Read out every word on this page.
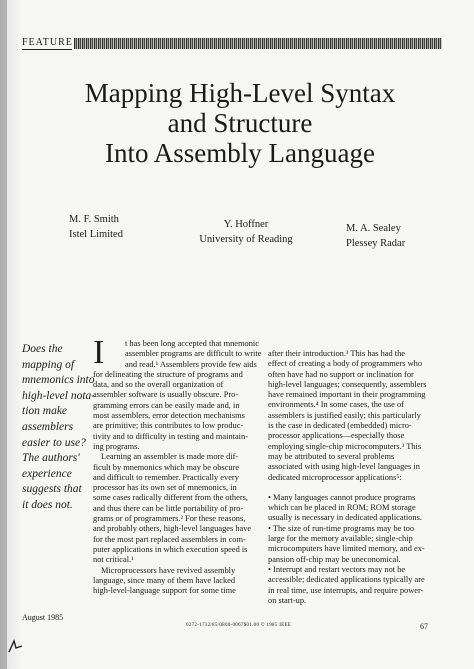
FEATURE
Mapping High-Level Syntax
and Structure
Into Assembly Language
M. F. Smith
Istel Limited
Y. Hoffner
University of Reading
M. A. Sealey
Plessey Radar
Does the
mapping of
mnemonics into
high-level nota-
tion make
assemblers
easier to use?
The authors'
experience
suggests that
it does not.
I	t has been long accepted that mnemonic
assembler programs are difficult to write
and read.¹ Assemblers provide few aids
for delineating the structure of programs and
data, and so the overall organization of
assembler software is usually obscure. Pro-
gramming errors can be easily made and, in
most assemblers, error detection mechanisms
are primitive; this contributes to low produc-
tivity and to difficulty in testing and maintain-
ing programs.
Learning an assembler is made more dif-
ficult by mnemonics which may be obscure
and difficult to remember. Practically every
processor has its own set of mnemonics, in
some cases radically different from the others,
and thus there can be little portability of pro-
grams or of programmers.² For these reasons,
and probably others, high-level languages have
for the most part replaced assemblers in com-
puter applications in which execution speed is
not critical.¹
Microprocessors have revived assembly
language, since many of them have lacked
high-level-language support for some time
after their introduction.³ This has had the
effect of creating a body of programmers who
often have had no support or inclination for
high-level languages; consequently, assemblers
have remained important in their programming
environments.⁴ In some cases, the use of
assemblers is justified easily; this particularly
is the case in dedicated (embedded) micro-
processor applications—especially those
employing single-chip microcomputers.³ This
may be attributed to several problems
associated with using high-level languages in
dedicated microprocessor applications⁵:
• Many languages cannot produce programs
which can be placed in ROM; ROM storage
usually is necessary in dedicated applications.
• The size of run-time programs may be too
large for the memory available; single-chip
microcomputers have limited memory, and ex-
pansion off-chip may be uneconomical.
• Interrupt and restart vectors may not be
accessible; dedicated applications typically are
in real time, use interrupts, and require power-
on start-up.
August 1985
0272-1732/85/0800-0067$01.00 © 1985 IEEE	67
